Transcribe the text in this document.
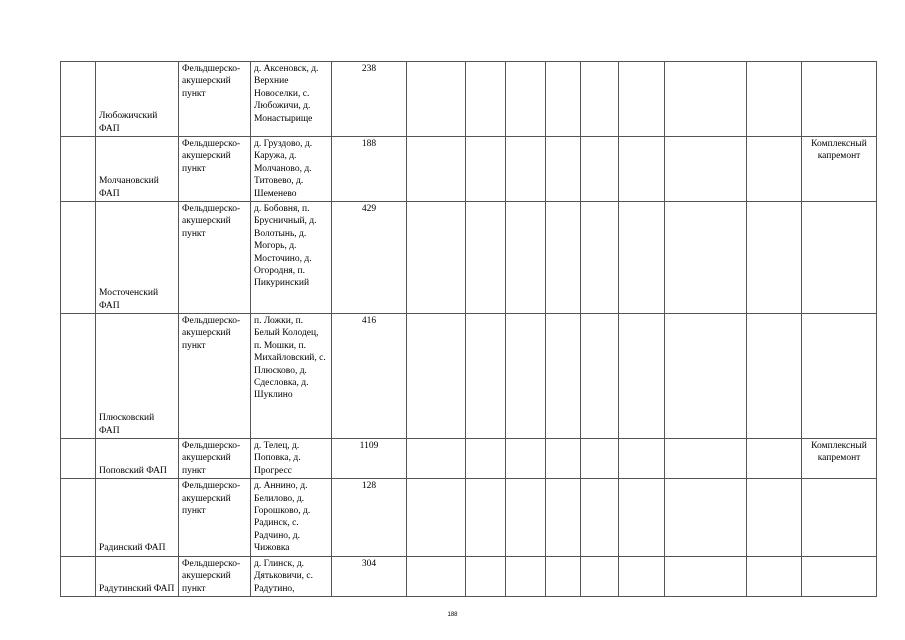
	Любожичский ФАП	Фельдшерско-акушерский пункт	д. Аксеновск, д. Верхние Новоселки, с. Любожичи, д. Монастырище	238									
	Молчановский ФАП	Фельдшерско-акушерский пункт	д. Груздово, д. Каружа, д. Молчаново, д. Титовево, д. Шеменево	188									Комплексный капремонт
	Мосточенский ФАП	Фельдшерско-акушерский пункт	д. Бобовня, п. Брусничный, д. Волотынь, д. Могорь, д. Мосточино, д. Огородня, п. Пикуринский	429									
	Плюсковский ФАП	Фельдшерско-акушерский пункт	п. Ложки, п. Белый Колодец, п. Мошки, п. Михайловский, с. Плюсково, д. Сдесловка, д. Шуклино	416									
	Поповский ФАП	Фельдшерско-акушерский пункт	д. Телец, д. Поповка, д. Прогресс	1109									Комплексный капремонт
	Радинский ФАП	Фельдшерско-акушерский пункт	д. Аннино, д. Белилово, д. Горошково, д. Радинск, с. Радчино, д. Чижовка	128									
	Радутинский ФАП	Фельдшерско-акушерский пункт	д. Глинск, д. Дятьковичи, с. Радутино,	304									
188
